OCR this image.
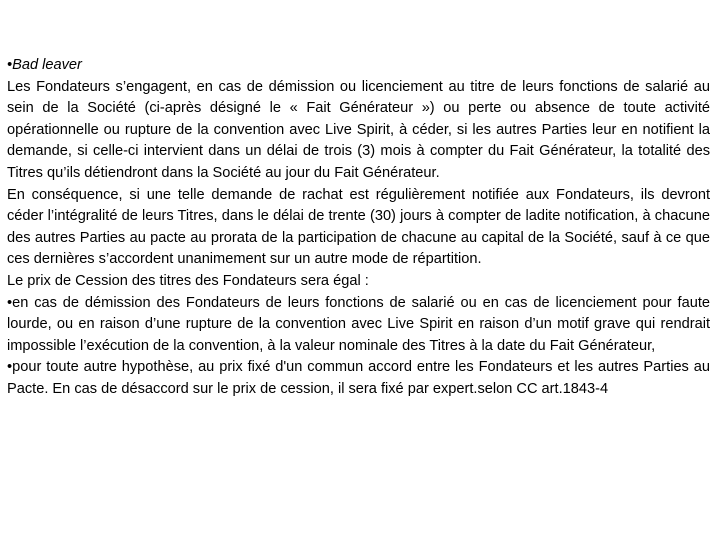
•Bad leaver

Les Fondateurs s’engagent, en cas de démission ou licenciement au titre de leurs fonctions de salarié au sein de la Société (ci-après désigné le « Fait Générateur ») ou perte ou absence de toute activité opérationnelle ou rupture de la convention avec Live Spirit, à céder, si les autres Parties leur en notifient la demande, si celle-ci intervient dans un délai de trois (3) mois à compter du Fait Générateur, la totalité des Titres qu’ils détiendront dans la Société au jour du Fait Générateur.

En conséquence, si une telle demande de rachat est régulièrement notifiée aux Fondateurs, ils devront céder l’intégralité de leurs Titres, dans le délai de trente (30) jours à compter de ladite notification, à chacune des autres Parties au pacte au prorata de la participation de chacune au capital de la Société, sauf à ce que ces dernières s’accordent unanimement sur un autre mode de répartition.

Le prix de Cession des titres des Fondateurs sera égal :

•en cas de démission des Fondateurs de leurs fonctions de salarié ou en cas de licenciement pour faute lourde, ou en raison d’une rupture de la convention avec Live Spirit en raison d’un motif grave qui rendrait impossible l’exécution de la convention, à la valeur nominale des Titres à la date du Fait Générateur,

•pour toute autre hypothèse, au prix fixé d'un commun accord entre les Fondateurs et les autres Parties au Pacte. En cas de désaccord sur le prix de cession, il sera fixé par expert.selon CC art.1843-4
